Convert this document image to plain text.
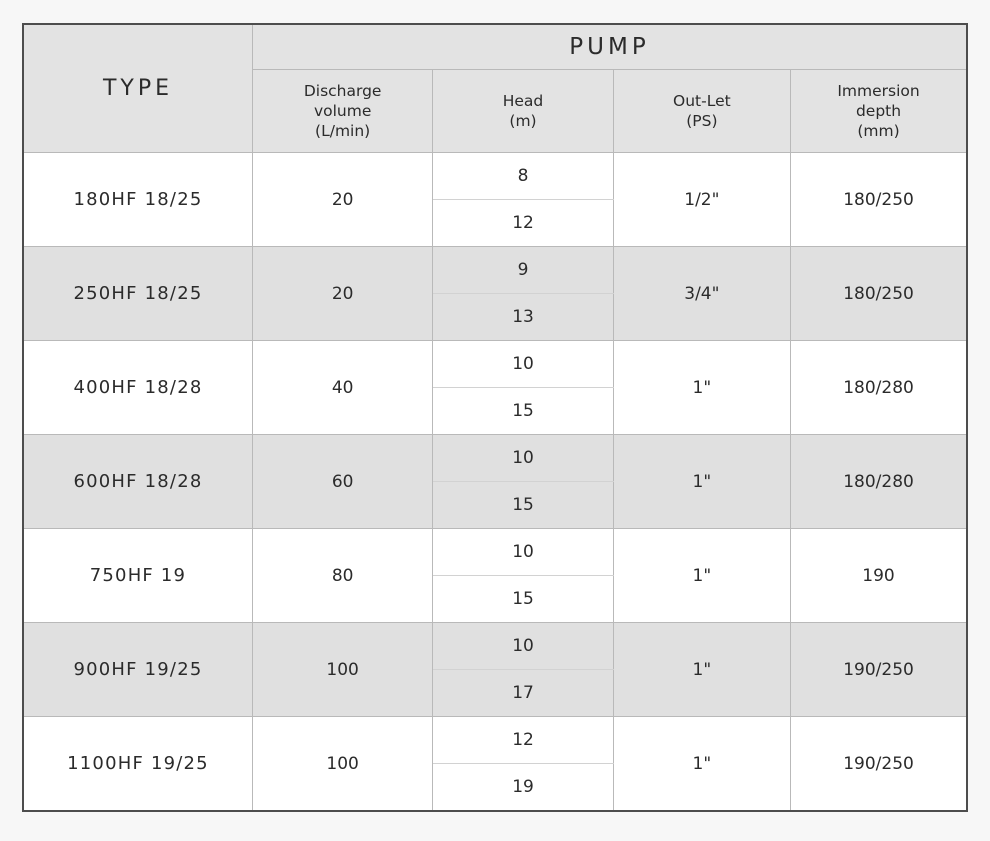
TYPE	PUMP			

	Discharge
volume
(L/min)	Head
(m)	Out-Let
(PS)	Immersion
depth
(mm)

180HF 18/25	20	8	1/2"	180/250
		12		
250HF 18/25	20	9	3/4"	180/250
		13		
400HF 18/28	40	10	1"	180/280
		15		
600HF 18/28	60	10	1"	180/280
		15		
750HF 19	80	10	1"	190
		15		
900HF 19/25	100	10	1"	190/250
		17		
1100HF 19/25	100	12	1"	190/250
		19		
